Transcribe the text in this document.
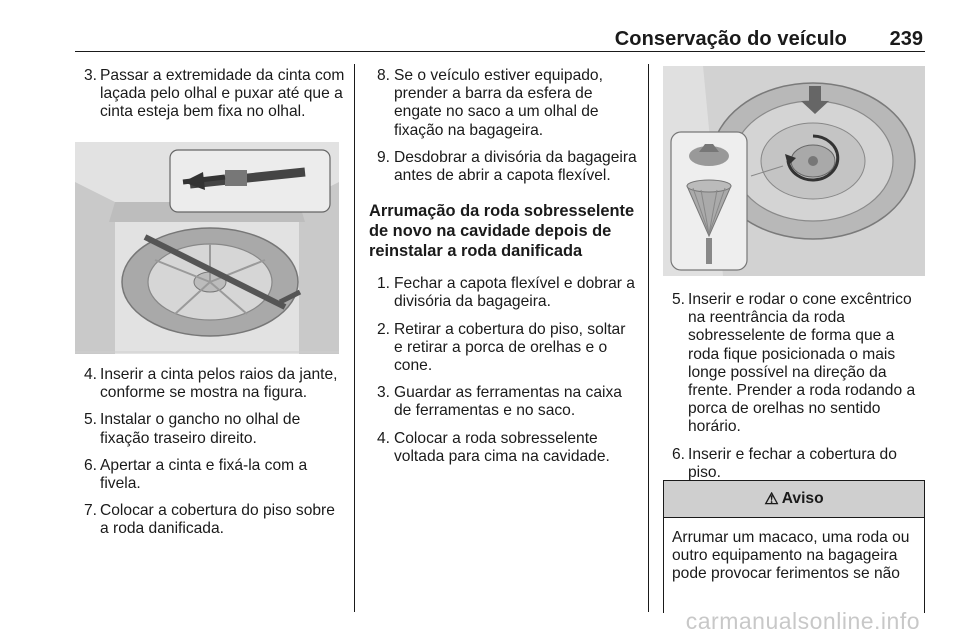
Conservação do veículo 239
3. Passar a extremidade da cinta com laçada pelo olhal e puxar até que a cinta esteja bem fixa no olhal.
4. Inserir a cinta pelos raios da jante, conforme se mostra na figura.
5. Instalar o gancho no olhal de fixação traseiro direito.
6. Apertar a cinta e fixá-la com a fivela.
7. Colocar a cobertura do piso sobre a roda danificada.
8. Se o veículo estiver equipado, prender a barra da esfera de engate no saco a um olhal de fixação na bagageira.
9. Desdobrar a divisória da bagageira antes de abrir a capota flexível.
Arrumação da roda sobresselente de novo na cavidade depois de reinstalar a roda danificada
1. Fechar a capota flexível e dobrar a divisória da bagageira.
2. Retirar a cobertura do piso, soltar e retirar a porca de orelhas e o cone.
3. Guardar as ferramentas na caixa de ferramentas e no saco.
4. Colocar a roda sobresselente voltada para cima na cavidade.
5. Inserir e rodar o cone excêntrico na reentrância da roda sobresselente de forma que a roda fique posicionada o mais longe possível na direção da frente. Prender a roda rodando a porca de orelhas no sentido horário.
6. Inserir e fechar a cobertura do piso.
⚠ Aviso
Arrumar um macaco, uma roda ou outro equipamento na bagageira pode provocar ferimentos se não
carmanualsonline.info
